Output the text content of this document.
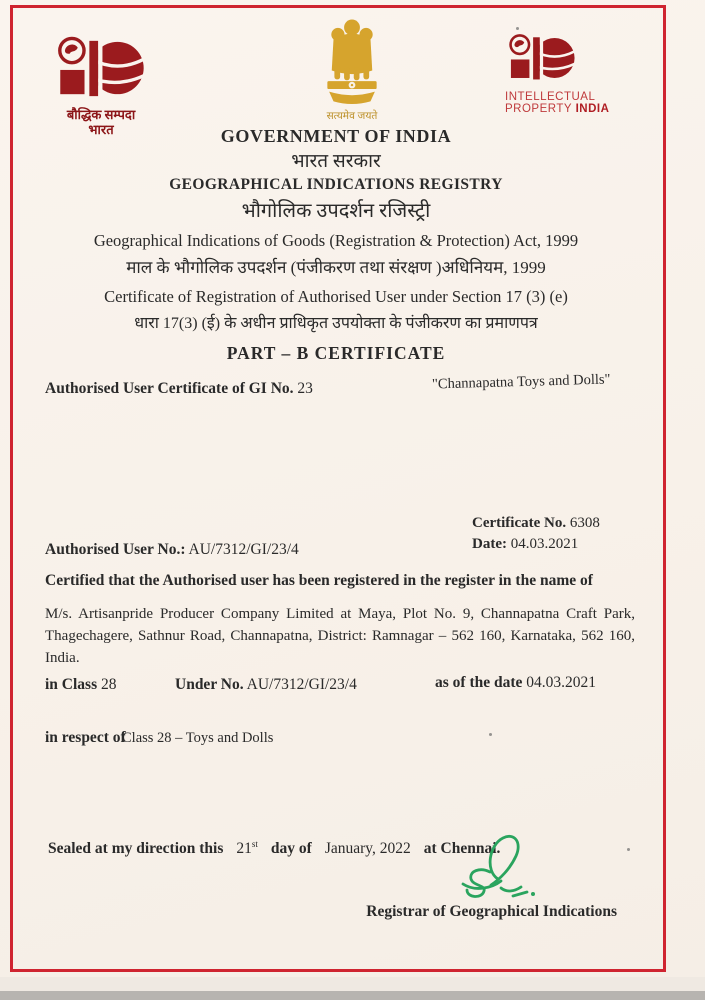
बौद्धिक सम्पदा
भारत
सत्यमेव जयते
INTELLECTUAL
PROPERTY INDIA
GOVERNMENT OF INDIA
भारत सरकार
GEOGRAPHICAL INDICATIONS REGISTRY
भौगोलिक उपदर्शन रजिस्ट्री
Geographical Indications of Goods (Registration & Protection) Act, 1999
माल के भौगोलिक उपदर्शन (पंजीकरण तथा संरक्षण )अधिनियम, 1999
Certificate of Registration of Authorised User under Section 17 (3) (e)
धारा 17(3) (ई) के अधीन प्राधिकृत उपयोक्ता के पंजीकरण का प्रमाणपत्र
PART – B CERTIFICATE
Authorised User Certificate of GI No. 23	"Channapatna Toys and Dolls"
Certificate No. 6308
Date: 04.03.2021
Authorised User No.: AU/7312/GI/23/4
Certified that the Authorised user has been registered in the register in the name of
M/s. Artisanpride Producer Company Limited at Maya, Plot No. 9, Channapatna Craft Park, Thagechagere, Sathnur Road, Channapatna, District: Ramnagar – 562 160, Karnataka, 562 160, India.
in Class 28	Under No. AU/7312/GI/23/4	as of the date 04.03.2021
in respect of
Class 28 – Toys and Dolls
Sealed at my direction this 21st day of January, 2022 at Chennai.
Registrar of Geographical Indications
